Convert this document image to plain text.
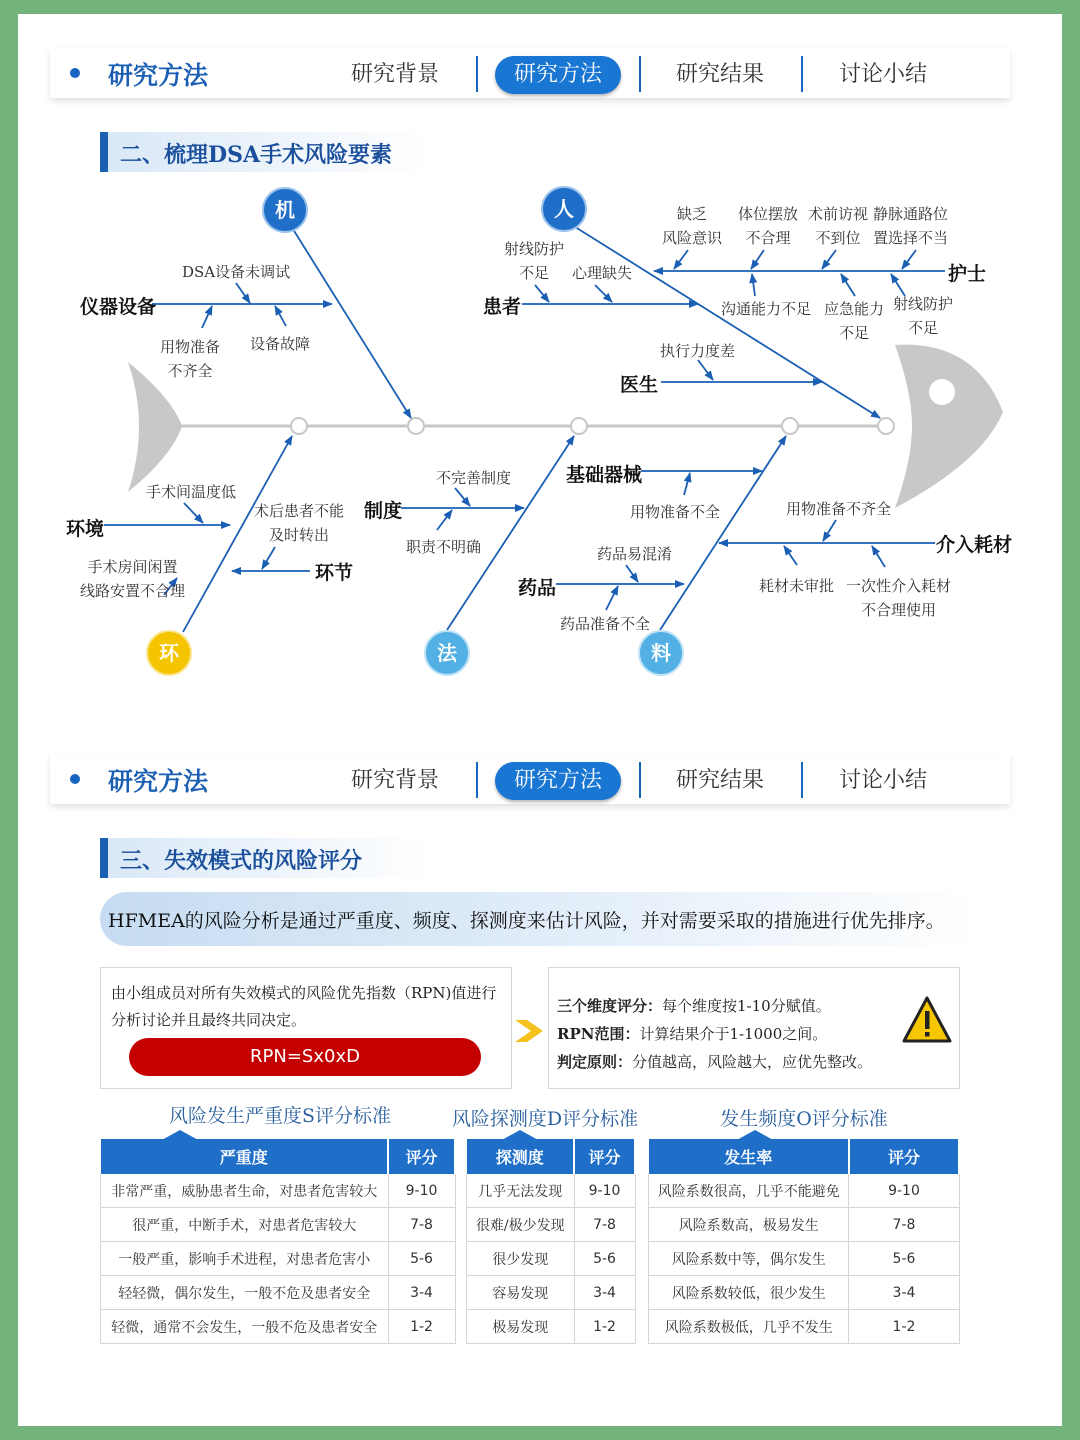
研究方法	研究背景	研究方法	研究结果	讨论小结
二、梳理DSA手术风险要素
机	人
环	法	料
仪器设备	患者
护士
医生
环境
环节
制度
基础器械
药品
介入耗材
DSA设备未调试
用物准备
不齐全
设备故障
射线防护
不足	心理缺失
缺乏
风险意识
体位摆放
不合理
术前访视
不到位
静脉通路位
置选择不当
沟通能力不足 应急能力
不足
射线防护
不足
执行力度差
手术间温度低
手术房间闲置
线路安置不合理
术后患者不能
及时转出
不完善制度
职责不明确
用物准备不全	用物准备不齐全
药品易混淆
药品准备不全
耗材未审批 一次性介入耗材
不合理使用
研究方法	研究背景	研究方法	研究结果	讨论小结
三、失效模式的风险评分
HFMEA的风险分析是通过严重度、频度、探测度来估计风险，并对需要采取的措施进行优先排序。
由小组成员对所有失效模式的风险优先指数（RPN)值进行分析讨论并且最终共同决定。
RPN=Sx0xD
三个维度评分：每个维度按1-10分赋值。
RPN范围：计算结果介于1-1000之间。
判定原则：分值越高，风险越大，应优先整改。
风险发生严重度S评分标准	风险探测度D评分标准	发生频度O评分标准
严重度	评分
非常严重，威胁患者生命，对患者危害较大	9-10
很严重，中断手术，对患者危害较大	7-8
一般严重，影响手术进程，对患者危害小	5-6
轻轻微，偶尔发生，一般不危及患者安全	3-4
轻微，通常不会发生，一般不危及患者安全	1-2
探测度	评分
几乎无法发现	9-10
很难/极少发现	7-8
很少发现	5-6
容易发现	3-4
极易发现	1-2
发生率	评分
风险系数很高，几乎不能避免	9-10
风险系数高，极易发生	7-8
风险系数中等，偶尔发生	5-6
风险系数较低，很少发生	3-4
风险系数极低，几乎不发生	1-2
